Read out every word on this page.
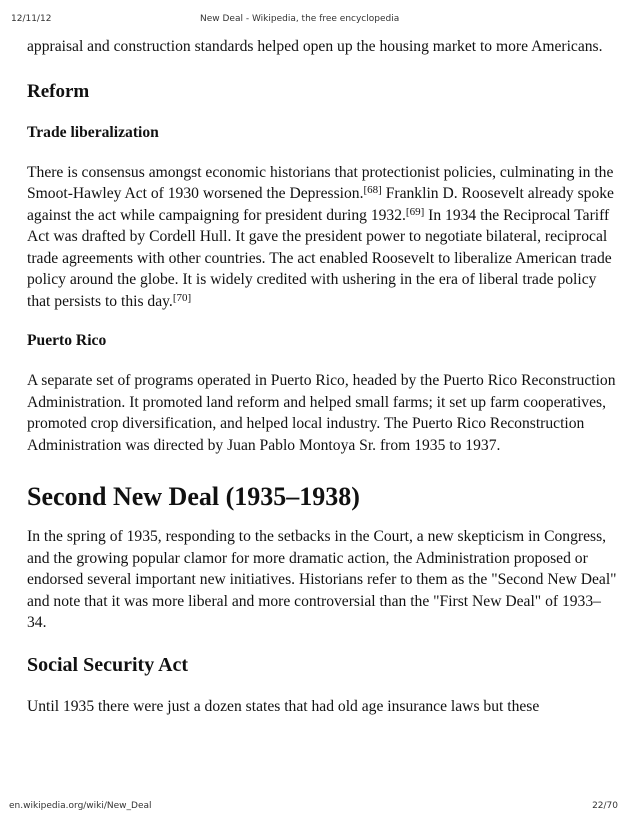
12/11/12	New Deal - Wikipedia, the free encyclopedia

appraisal and construction standards helped open up the housing market to more Americans.

Reform
Trade liberalization

There is consensus amongst economic historians that protectionist policies, culminating in the Smoot-Hawley Act of 1930 worsened the Depression.[68] Franklin D. Roosevelt already spoke against the act while campaigning for president during 1932.[69] In 1934 the Reciprocal Tariff Act was drafted by Cordell Hull. It gave the president power to negotiate bilateral, reciprocal trade agreements with other countries. The act enabled Roosevelt to liberalize American trade policy around the globe. It is widely credited with ushering in the era of liberal trade policy that persists to this day.[70]

Puerto Rico

A separate set of programs operated in Puerto Rico, headed by the Puerto Rico Reconstruction Administration. It promoted land reform and helped small farms; it set up farm cooperatives, promoted crop diversification, and helped local industry. The Puerto Rico Reconstruction Administration was directed by Juan Pablo Montoya Sr. from 1935 to 1937.

Second New Deal (1935–1938)

In the spring of 1935, responding to the setbacks in the Court, a new skepticism in Congress, and the growing popular clamor for more dramatic action, the Administration proposed or endorsed several important new initiatives. Historians refer to them as the "Second New Deal" and note that it was more liberal and more controversial than the "First New Deal" of 1933–34.

Social Security Act

Until 1935 there were just a dozen states that had old age insurance laws but these

en.wikipedia.org/wiki/New_Deal	22/70
